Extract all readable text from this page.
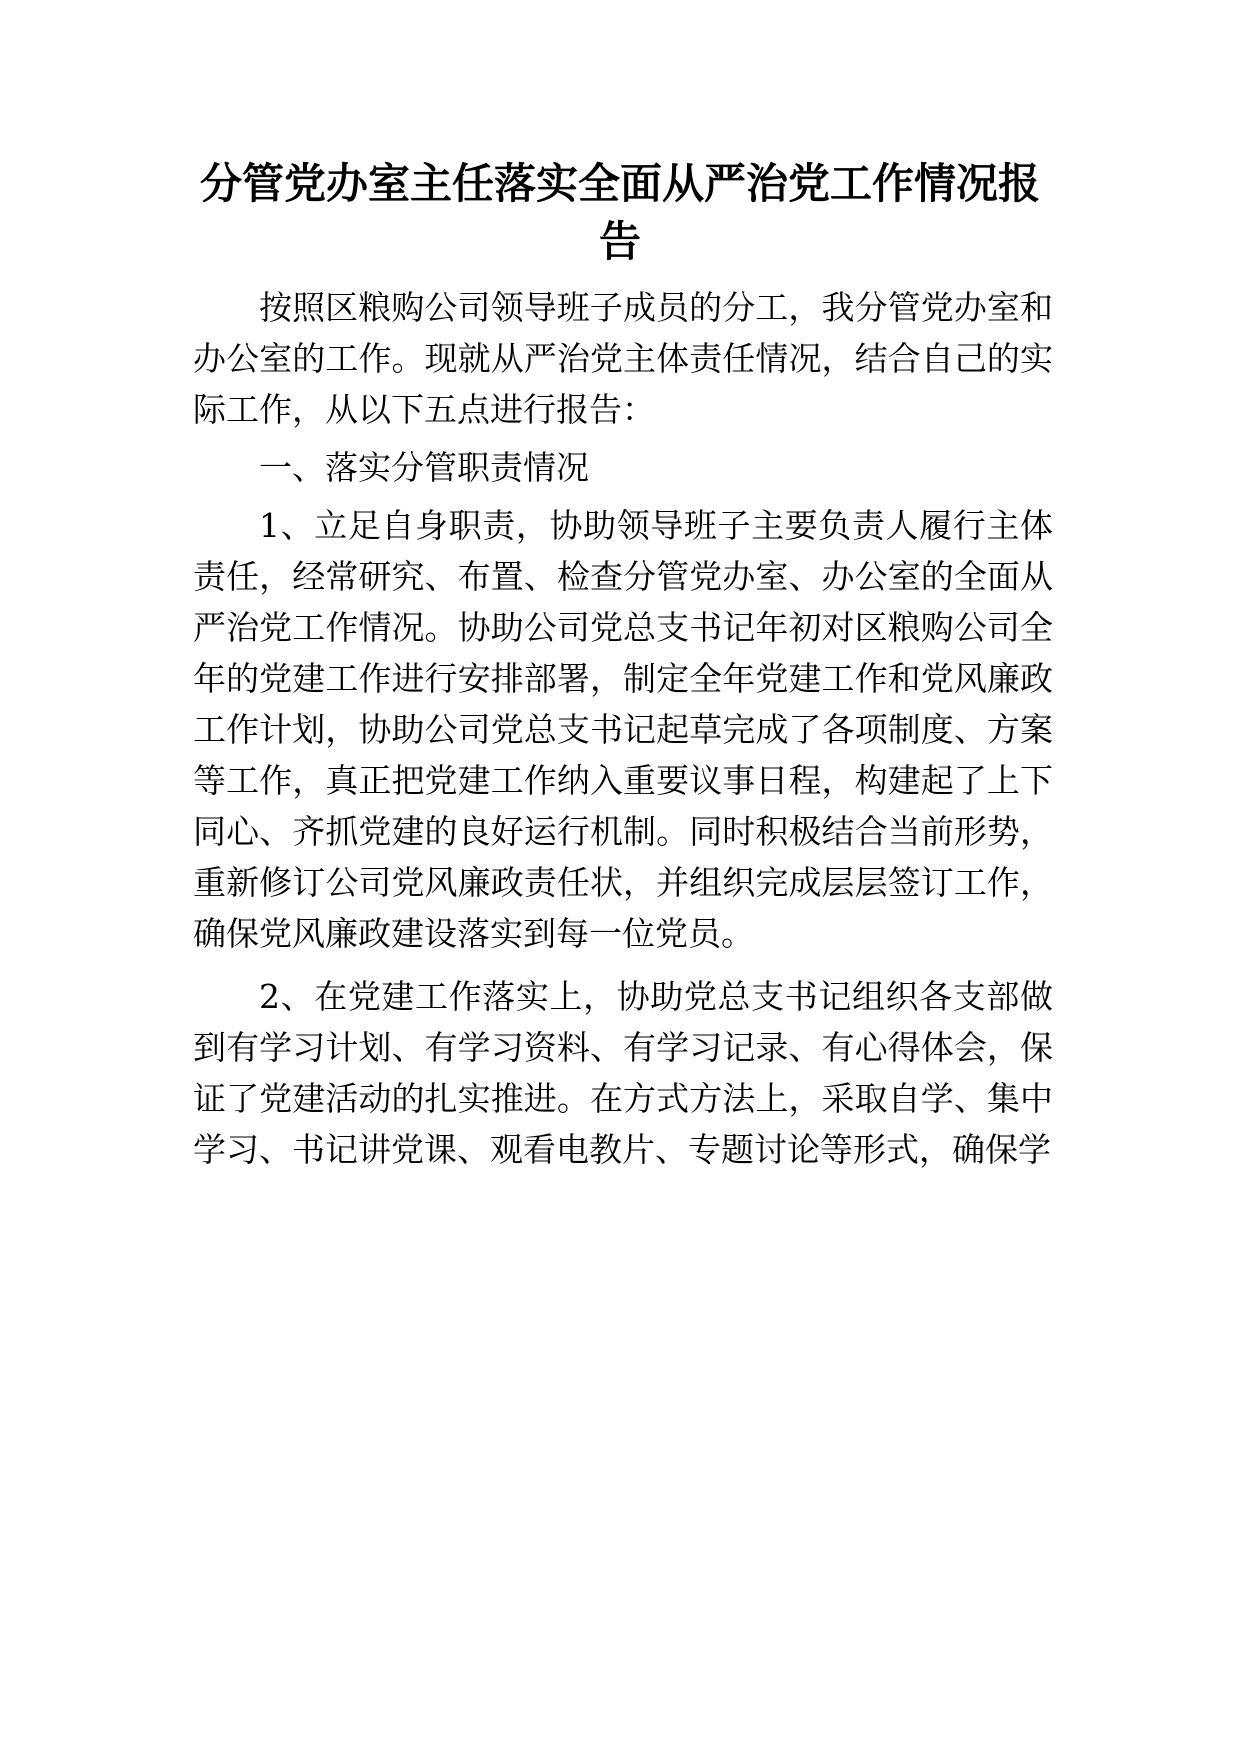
分管党办室主任落实全面从严治党工作情况报告

按照区粮购公司领导班子成员的分工，我分管党办室和办公室的工作。现就从严治党主体责任情况，结合自己的实际工作，从以下五点进行报告：

一、落实分管职责情况

1、立足自身职责，协助领导班子主要负责人履行主体责任，经常研究、布置、检查分管党办室、办公室的全面从严治党工作情况。协助公司党总支书记年初对区粮购公司全年的党建工作进行安排部署，制定全年党建工作和党风廉政工作计划，协助公司党总支书记起草完成了各项制度、方案等工作，真正把党建工作纳入重要议事日程，构建起了上下同心、齐抓党建的良好运行机制。同时积极结合当前形势，重新修订公司党风廉政责任状，并组织完成层层签订工作，确保党风廉政建设落实到每一位党员。

2、在党建工作落实上，协助党总支书记组织各支部做到有学习计划、有学习资料、有学习记录、有心得体会，保证了党建活动的扎实推进。在方式方法上，采取自学、集中学习、书记讲党课、观看电教片、专题讨论等形式，确保学
